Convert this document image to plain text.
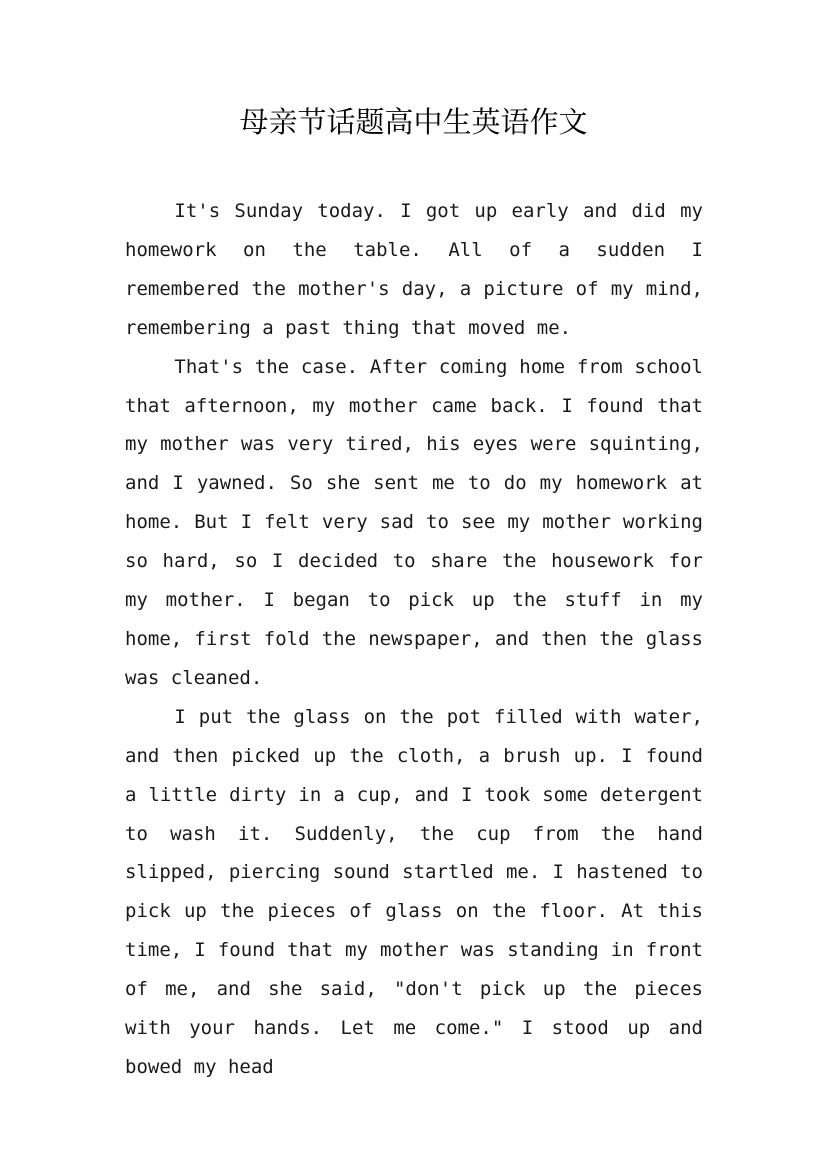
母亲节话题高中生英语作文

It's Sunday today. I got up early and did my homework on the table. All of a sudden I remembered the mother's day, a picture of my mind, remembering a past thing that moved me.

That's the case. After coming home from school that afternoon, my mother came back. I found that my mother was very tired, his eyes were squinting, and I yawned. So she sent me to do my homework at home. But I felt very sad to see my mother working so hard, so I decided to share the housework for my mother. I began to pick up the stuff in my home, first fold the newspaper, and then the glass was cleaned.

I put the glass on the pot filled with water, and then picked up the cloth, a brush up. I found a little dirty in a cup, and I took some detergent to wash it. Suddenly, the cup from the hand slipped, piercing sound startled me. I hastened to pick up the pieces of glass on the floor. At this time, I found that my mother was standing in front of me, and she said, "don't pick up the pieces with your hands. Let me come." I stood up and bowed my head
